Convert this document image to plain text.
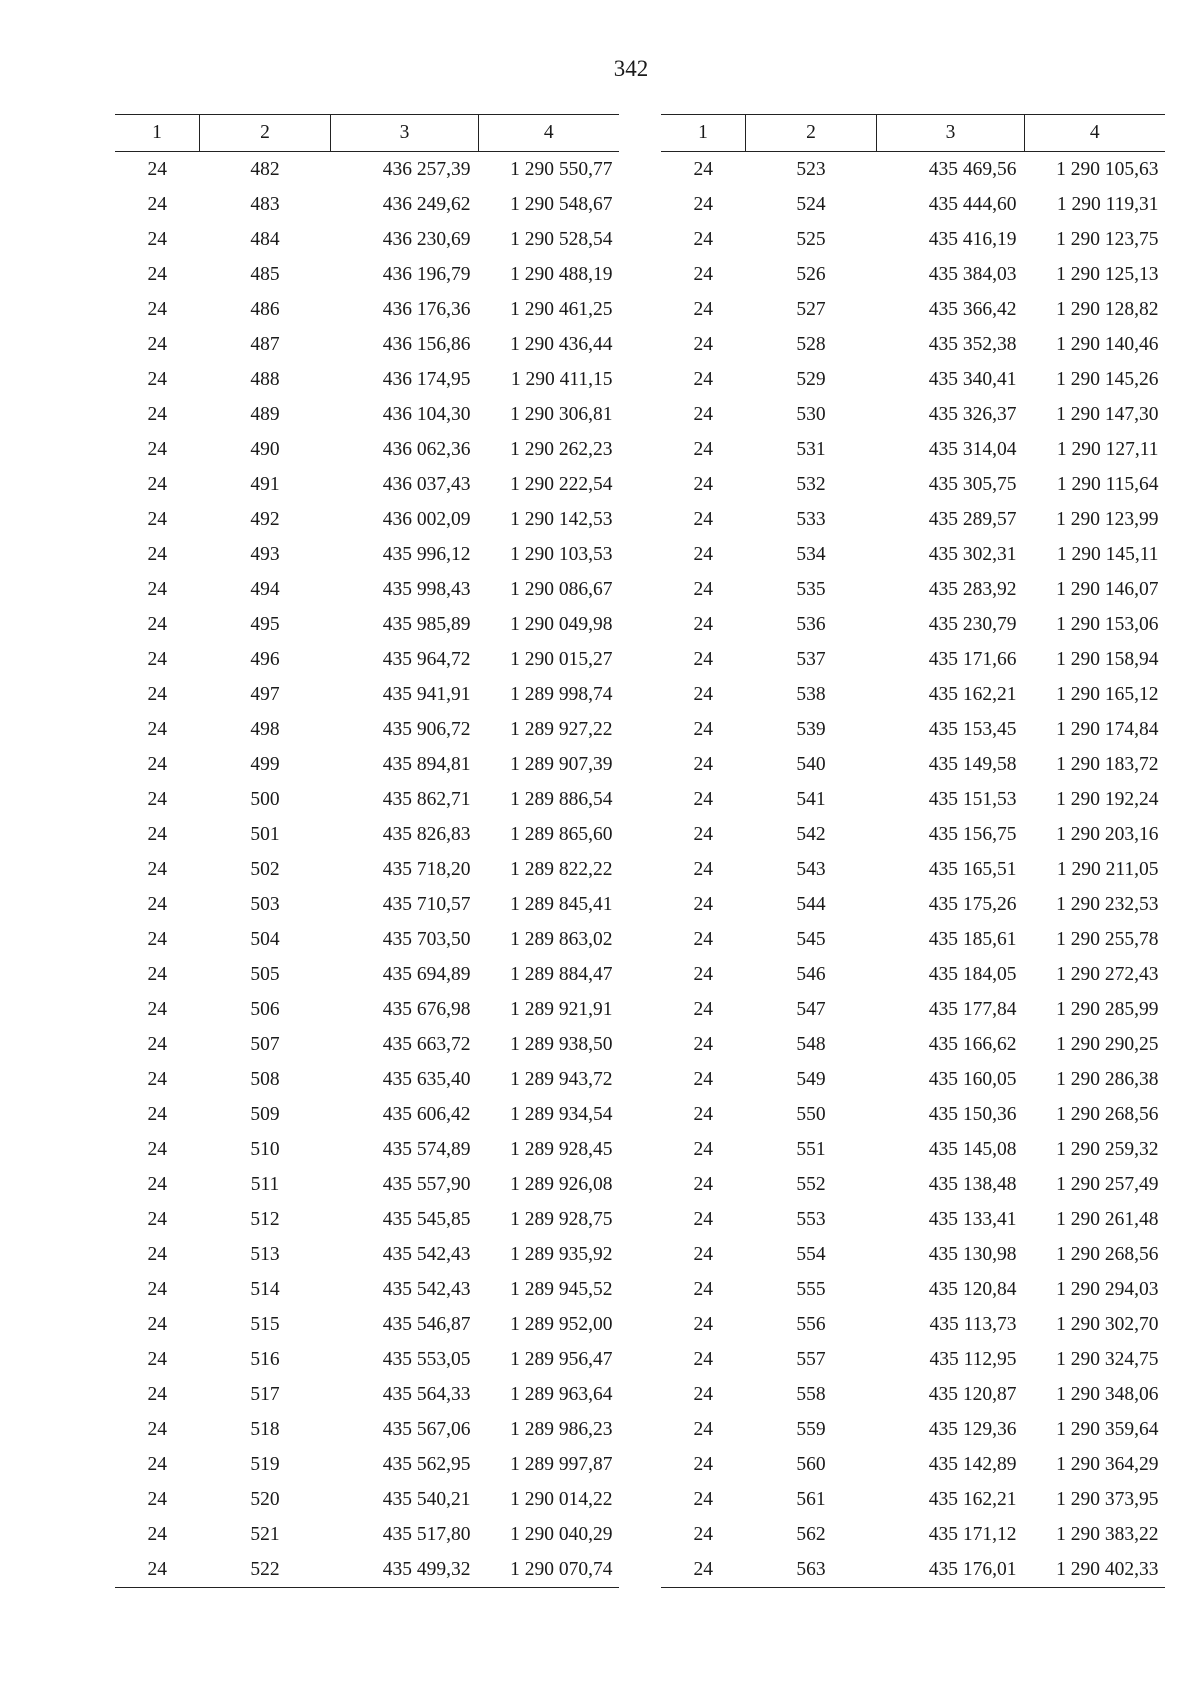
342
1	2	3	4
24	482	436 257,39	1 290 550,77
24	483	436 249,62	1 290 548,67
24	484	436 230,69	1 290 528,54
24	485	436 196,79	1 290 488,19
24	486	436 176,36	1 290 461,25
24	487	436 156,86	1 290 436,44
24	488	436 174,95	1 290 411,15
24	489	436 104,30	1 290 306,81
24	490	436 062,36	1 290 262,23
24	491	436 037,43	1 290 222,54
24	492	436 002,09	1 290 142,53
24	493	435 996,12	1 290 103,53
24	494	435 998,43	1 290 086,67
24	495	435 985,89	1 290 049,98
24	496	435 964,72	1 290 015,27
24	497	435 941,91	1 289 998,74
24	498	435 906,72	1 289 927,22
24	499	435 894,81	1 289 907,39
24	500	435 862,71	1 289 886,54
24	501	435 826,83	1 289 865,60
24	502	435 718,20	1 289 822,22
24	503	435 710,57	1 289 845,41
24	504	435 703,50	1 289 863,02
24	505	435 694,89	1 289 884,47
24	506	435 676,98	1 289 921,91
24	507	435 663,72	1 289 938,50
24	508	435 635,40	1 289 943,72
24	509	435 606,42	1 289 934,54
24	510	435 574,89	1 289 928,45
24	511	435 557,90	1 289 926,08
24	512	435 545,85	1 289 928,75
24	513	435 542,43	1 289 935,92
24	514	435 542,43	1 289 945,52
24	515	435 546,87	1 289 952,00
24	516	435 553,05	1 289 956,47
24	517	435 564,33	1 289 963,64
24	518	435 567,06	1 289 986,23
24	519	435 562,95	1 289 997,87
24	520	435 540,21	1 290 014,22
24	521	435 517,80	1 290 040,29
24	522	435 499,32	1 290 070,74
1	2	3	4
24	523	435 469,56	1 290 105,63
24	524	435 444,60	1 290 119,31
24	525	435 416,19	1 290 123,75
24	526	435 384,03	1 290 125,13
24	527	435 366,42	1 290 128,82
24	528	435 352,38	1 290 140,46
24	529	435 340,41	1 290 145,26
24	530	435 326,37	1 290 147,30
24	531	435 314,04	1 290 127,11
24	532	435 305,75	1 290 115,64
24	533	435 289,57	1 290 123,99
24	534	435 302,31	1 290 145,11
24	535	435 283,92	1 290 146,07
24	536	435 230,79	1 290 153,06
24	537	435 171,66	1 290 158,94
24	538	435 162,21	1 290 165,12
24	539	435 153,45	1 290 174,84
24	540	435 149,58	1 290 183,72
24	541	435 151,53	1 290 192,24
24	542	435 156,75	1 290 203,16
24	543	435 165,51	1 290 211,05
24	544	435 175,26	1 290 232,53
24	545	435 185,61	1 290 255,78
24	546	435 184,05	1 290 272,43
24	547	435 177,84	1 290 285,99
24	548	435 166,62	1 290 290,25
24	549	435 160,05	1 290 286,38
24	550	435 150,36	1 290 268,56
24	551	435 145,08	1 290 259,32
24	552	435 138,48	1 290 257,49
24	553	435 133,41	1 290 261,48
24	554	435 130,98	1 290 268,56
24	555	435 120,84	1 290 294,03
24	556	435 113,73	1 290 302,70
24	557	435 112,95	1 290 324,75
24	558	435 120,87	1 290 348,06
24	559	435 129,36	1 290 359,64
24	560	435 142,89	1 290 364,29
24	561	435 162,21	1 290 373,95
24	562	435 171,12	1 290 383,22
24	563	435 176,01	1 290 402,33
